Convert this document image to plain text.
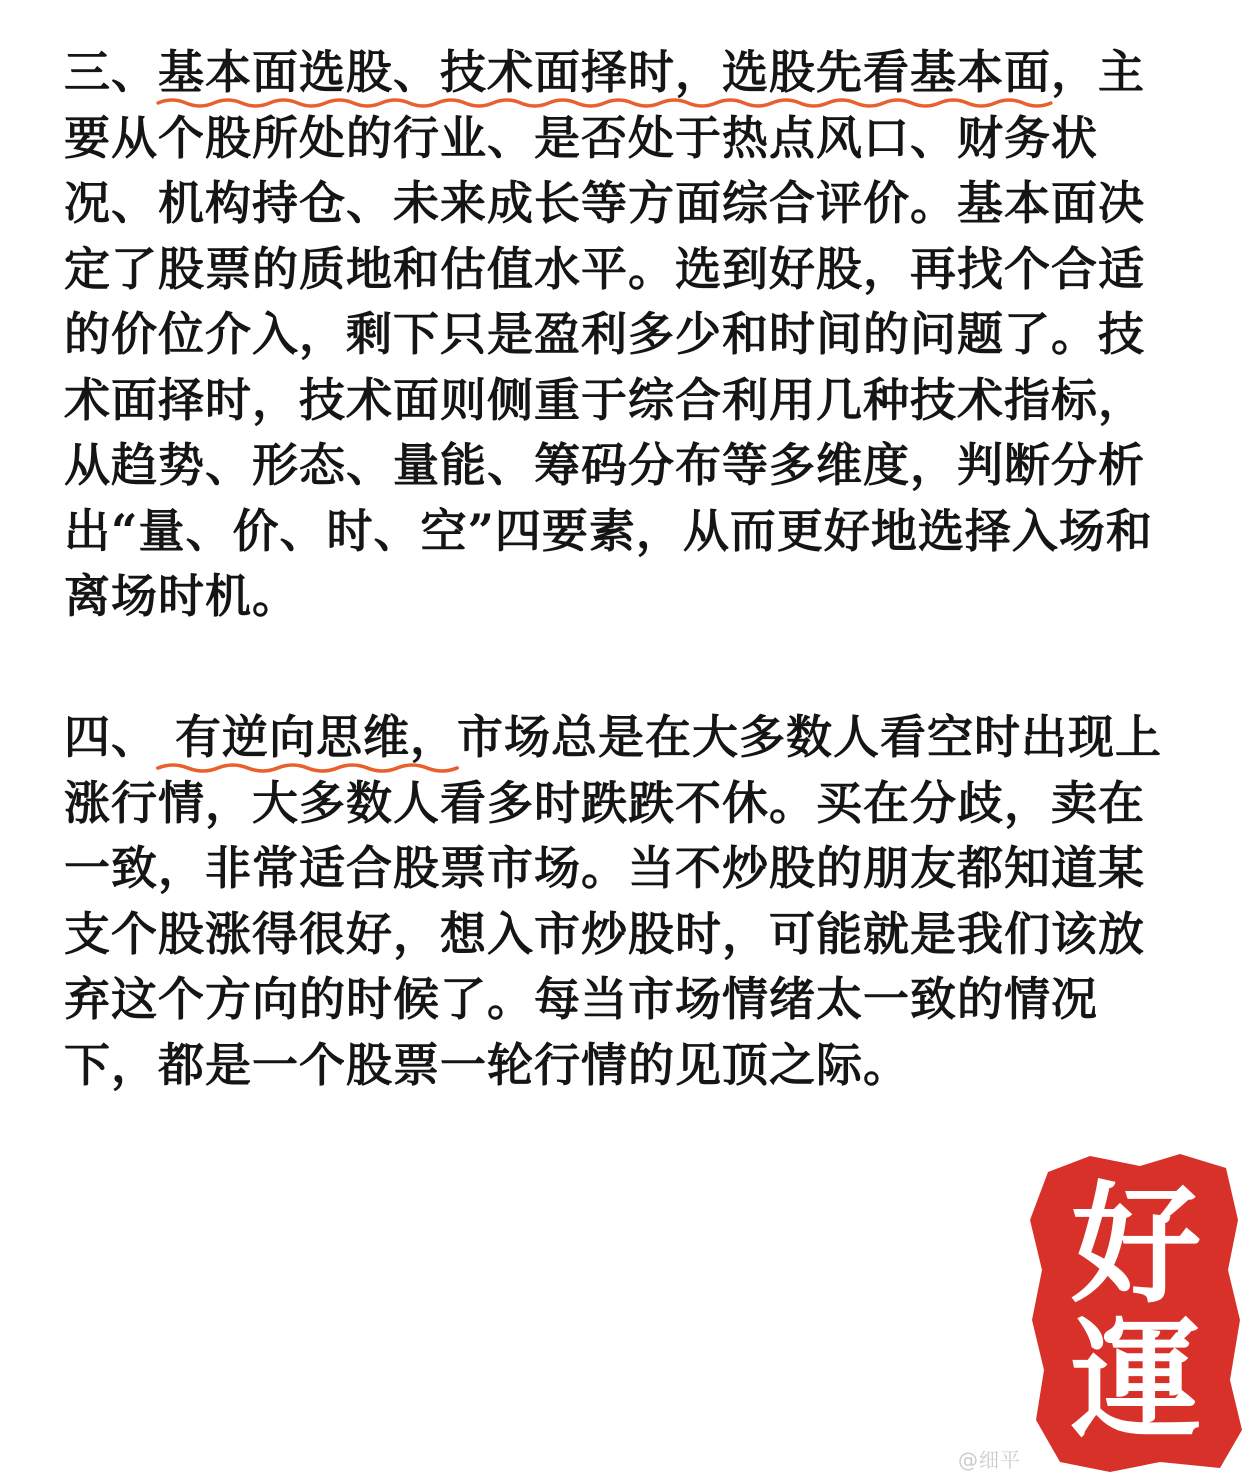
三、基本面选股、技术面择时，选股先看基本面
，主要从个股所处的行业、是否处于热点风口、财务状况、机构持仓、未来成长等方面综合评价。基本面决定了股票的质地和估值水平。选到好股，再找个合适的价位介入，剩下只是盈利多少和时间的问题了。技术面择时，技术面则侧重于综合利用几种技术指标，从趋势、形态、量能、筹码分布等多维度，判断分析出“量、价、时、空”四要素，从而更好地选择入场和离场时机。

四、 有逆向思维，
市场总是在大多数人看空时出现上涨行情，大多数人看多时跌跌不休。买在分歧，卖在一致，非常适合股票市场。当不炒股的朋友都知道某支个股涨得很好，想入市炒股时，可能就是我们该放弃这个方向的时候了。每当市场情绪太一致的情况下，都是一个股票一轮行情的见顶之际。

好
運
@细平
